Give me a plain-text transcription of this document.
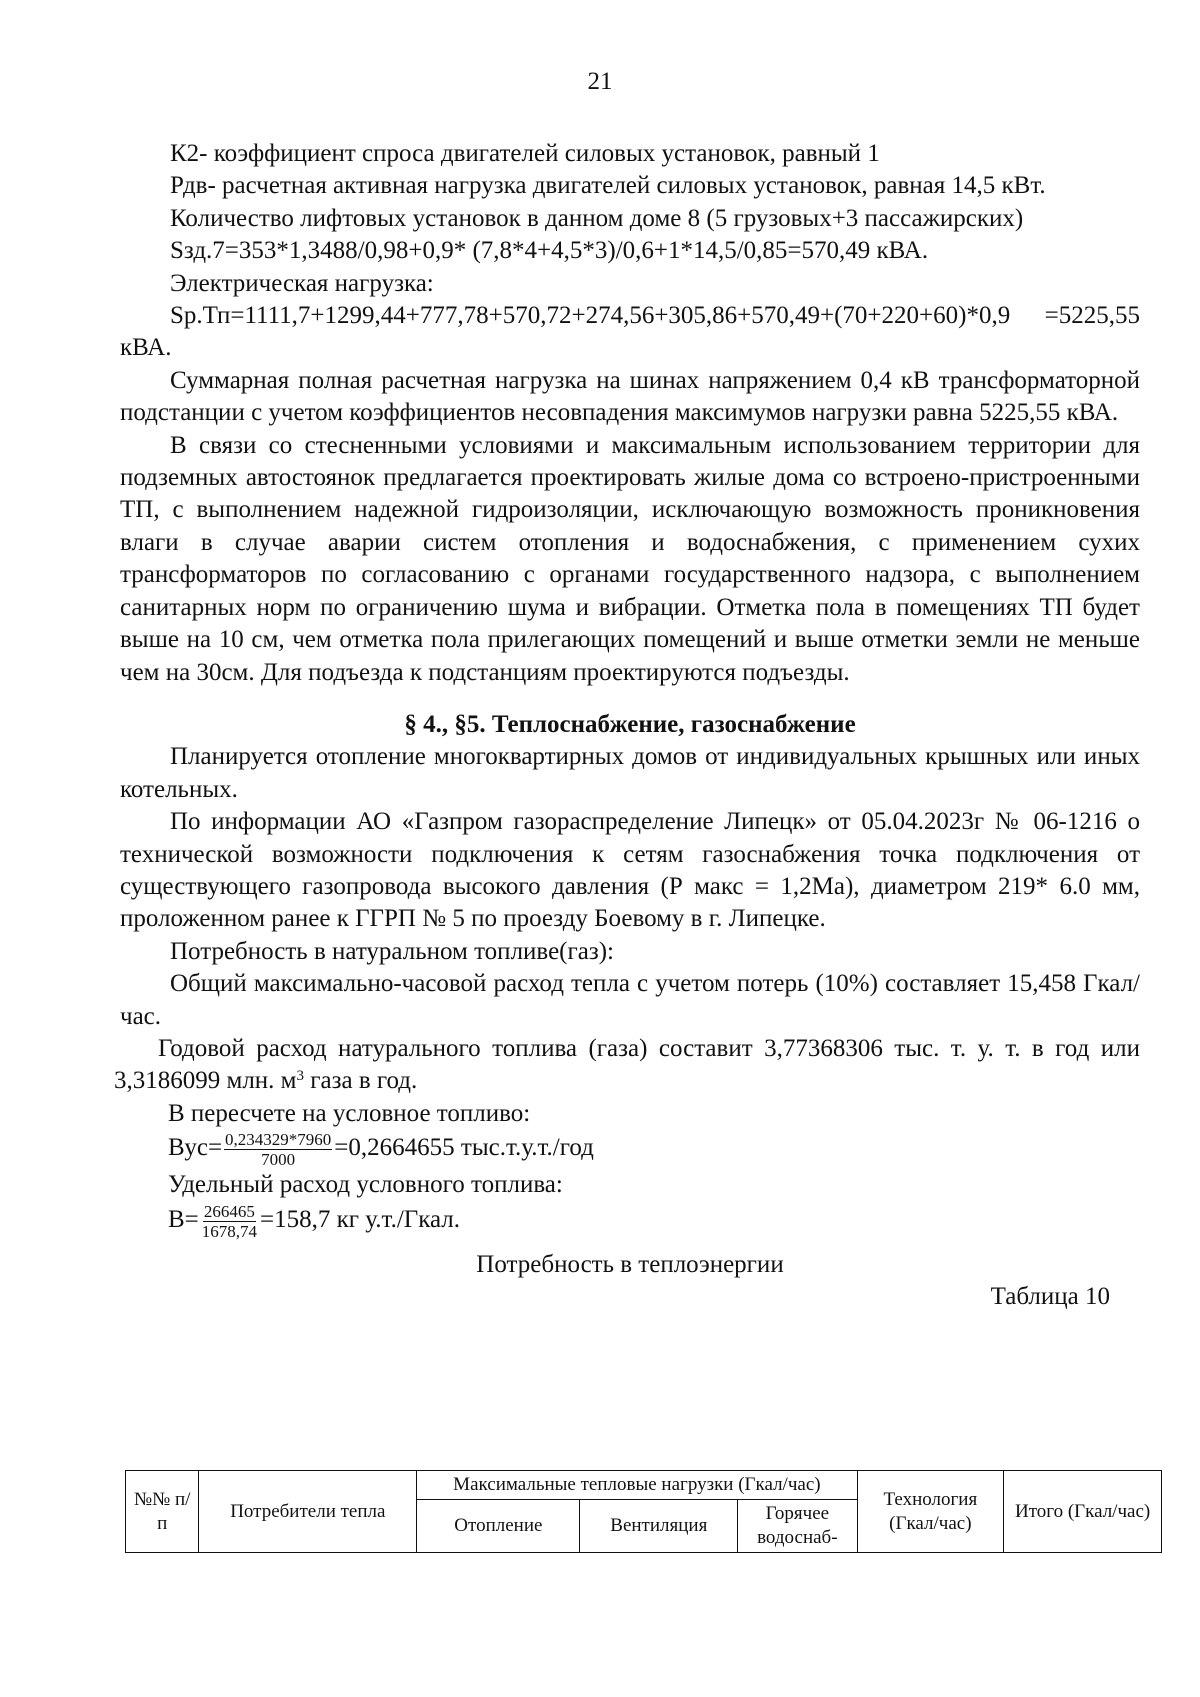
21

К2- коэффициент спроса двигателей силовых установок, равный 1

Рдв- расчетная активная нагрузка двигателей силовых установок, равная 14,5 кВт.

Количество лифтовых установок в данном доме 8 (5 грузовых+3 пассажирских)

Sзд.7=353*1,3488/0,98+0,9* (7,8*4+4,5*3)/0,6+1*14,5/0,85=570,49 кВА.

Электрическая нагрузка:

Sр.Тп=1111,7+1299,44+777,78+570,72+274,56+305,86+570,49+(70+220+60)*0,9 =5225,55 кВА.

Суммарная полная расчетная нагрузка на шинах напряжением 0,4 кВ трансформаторной подстанции с учетом коэффициентов несовпадения максимумов нагрузки равна 5225,55 кВА.

В связи со стесненными условиями и максимальным использованием территории для подземных автостоянок предлагается проектировать жилые дома со встроено-пристроенными ТП, с выполнением надежной гидроизоляции, исключающую возможность проникновения влаги в случае аварии систем отопления и водоснабжения, с применением сухих трансформаторов по согласованию с органами государственного надзора, с выполнением санитарных норм по ограничению шума и вибрации. Отметка пола в помещениях ТП будет выше на 10 см, чем отметка пола прилегающих помещений и выше отметки земли не меньше чем на 30см. Для подъезда к подстанциям проектируются подъезды.

§ 4., §5. Теплоснабжение, газоснабжение

Планируется отопление многоквартирных домов от индивидуальных крышных или иных котельных.

По информации АО «Газпром газораспределение Липецк» от 05.04.2023г № 06-1216 о технической возможности подключения к сетям газоснабжения точка подключения от существующего газопровода высокого давления (Р макс = 1,2Ма), диаметром 219* 6.0 мм, проложенном ранее к ГГРП № 5 по проезду Боевому в г. Липецке.

Потребность в натуральном топливе(газ):

Общий максимально-часовой расход тепла с учетом потерь (10%) составляет 15,458 Гкал/час.

Годовой расход натурального топлива (газа) составит 3,77368306 тыс. т. у. т. в год или 3,3186099 млн. $м^3$ газа в год.

В пересчете на условное топливо:

$Вус= \frac{0,234329*7960}{7000} =0,2664655$ тыс.т.у.т./год

Удельный расход условного топлива:

$В= \frac{266465}{1678,74} =158,7$ кг у.т./Гкал.

Потребность в теплоэнергии

Таблица 10

№№ п/п	Потребители тепла	Максимальные тепловые нагрузки (Гкал/час)			Технология (Гкал/час)	Итого (Гкал/час)
		Отопление	Вентиляция	Горячее водоснаб-		
